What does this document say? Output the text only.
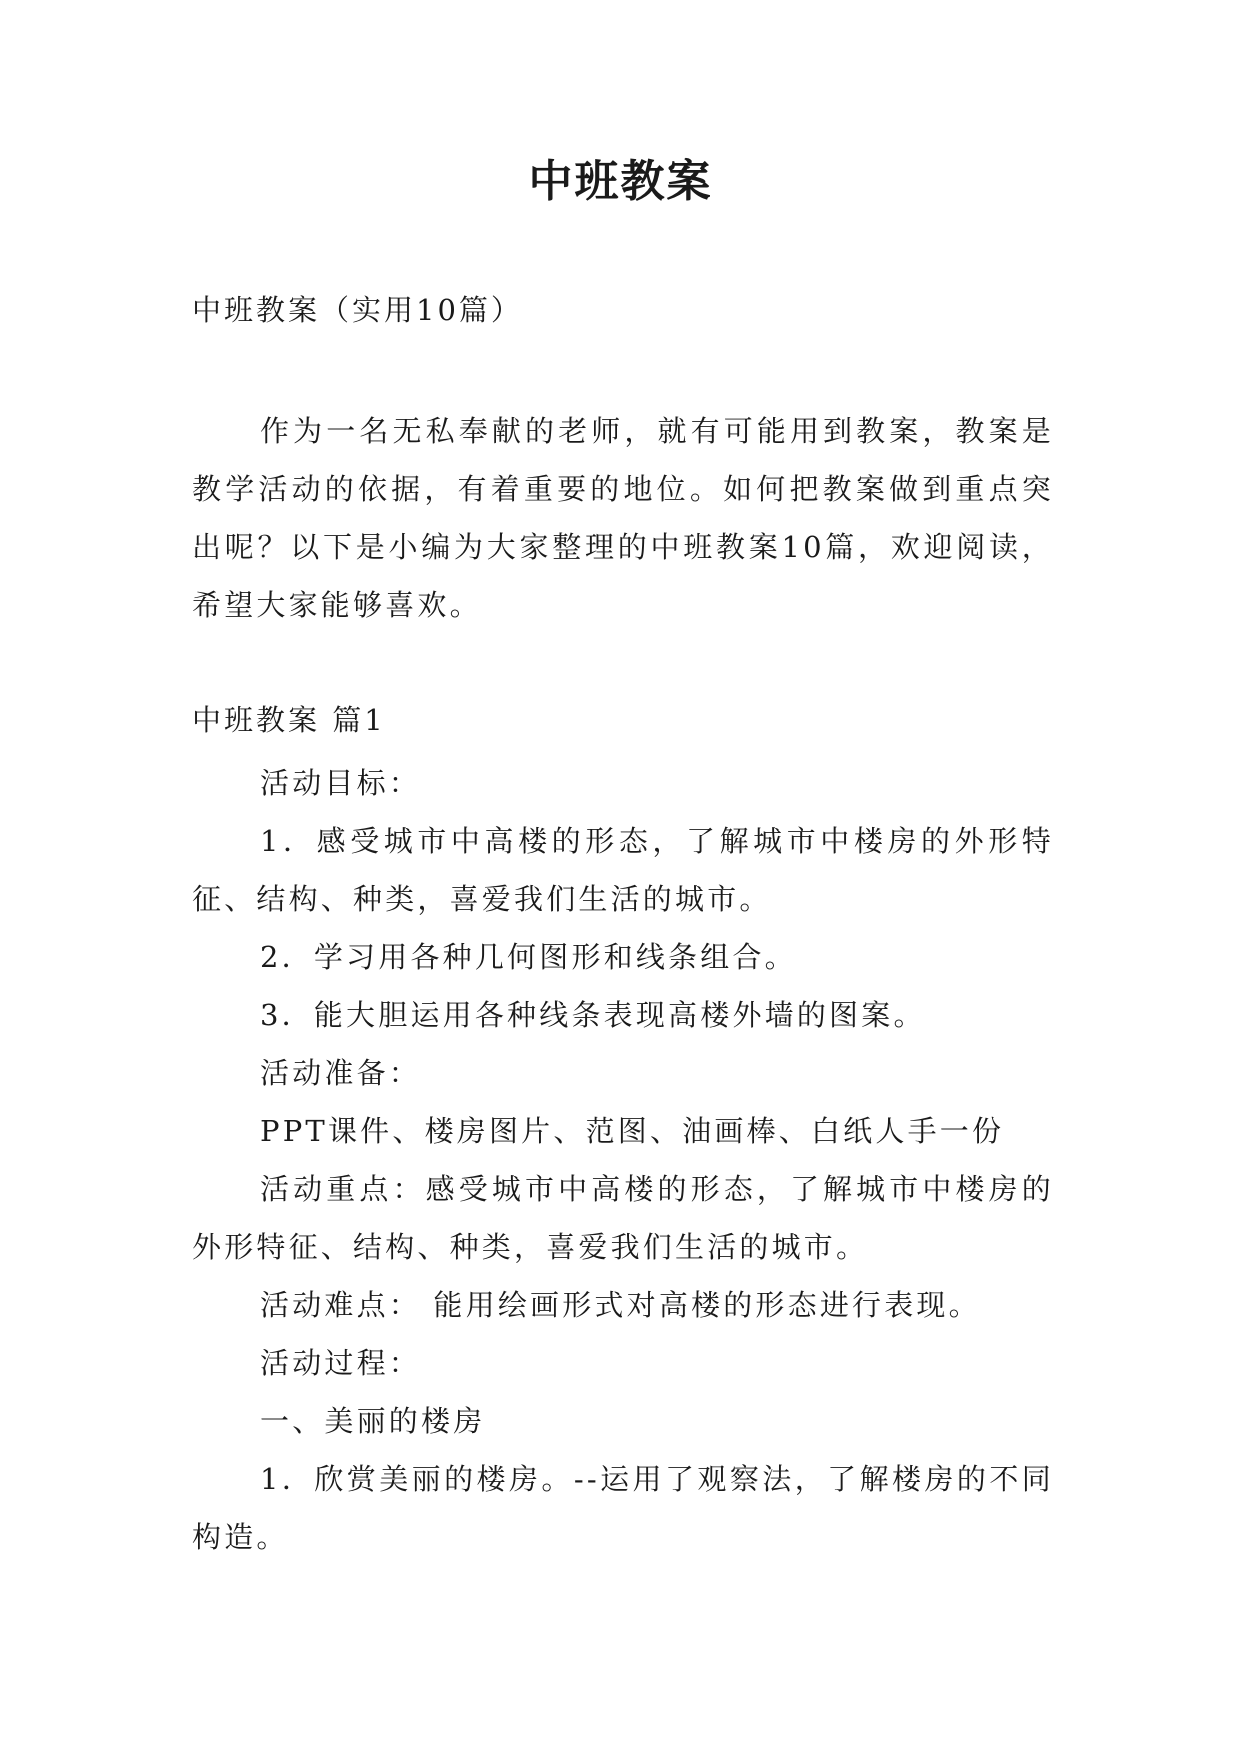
中班教案

中班教案（实用10篇）

作为一名无私奉献的老师，就有可能用到教案，教案是教学活动的依据，有着重要的地位。如何把教案做到重点突出呢？以下是小编为大家整理的中班教案10篇，欢迎阅读，希望大家能够喜欢。

中班教案 篇1

活动目标：

1．感受城市中高楼的形态，了解城市中楼房的外形特征、结构、种类，喜爱我们生活的城市。

2．学习用各种几何图形和线条组合。

3．能大胆运用各种线条表现高楼外墙的图案。

活动准备：

PPT课件、楼房图片、范图、油画棒、白纸人手一份

活动重点：感受城市中高楼的形态，了解城市中楼房的外形特征、结构、种类，喜爱我们生活的城市。

活动难点： 能用绘画形式对高楼的形态进行表现。

活动过程：

一、美丽的楼房

1．欣赏美丽的楼房。--运用了观察法，了解楼房的不同构造。
